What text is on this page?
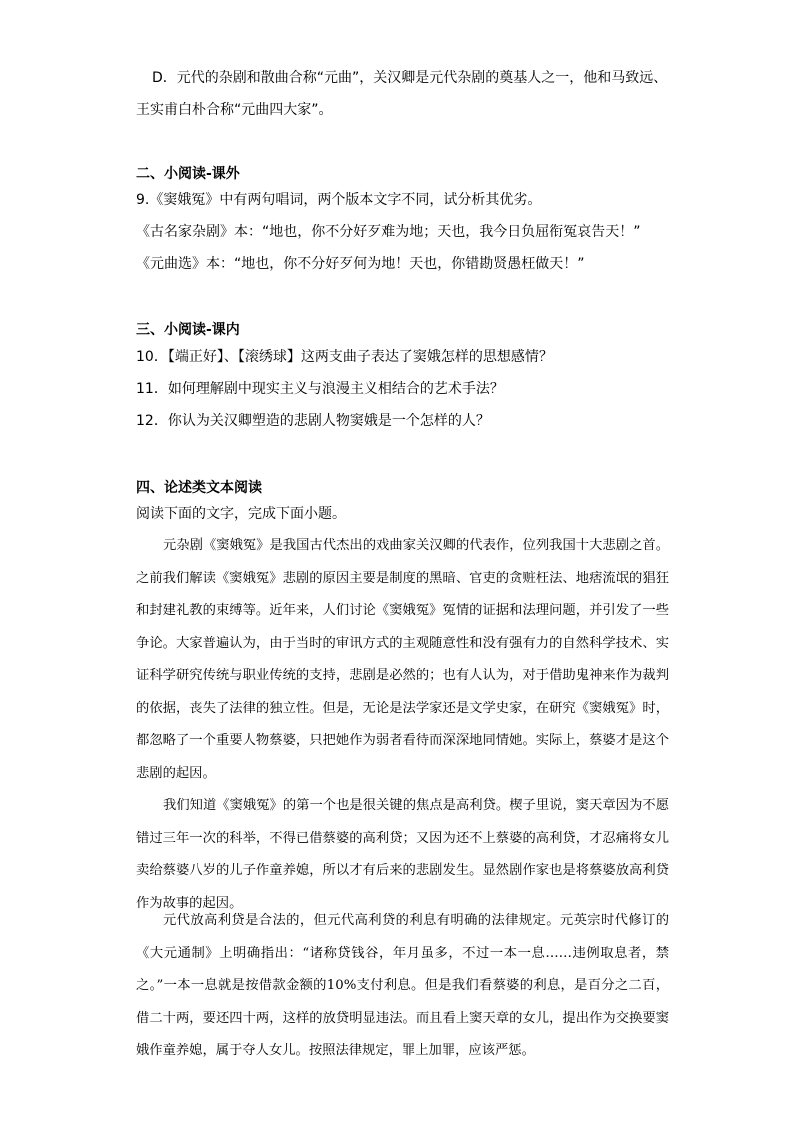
D．元代的杂剧和散曲合称“元曲”，关汉卿是元代杂剧的奠基人之一，他和马致远、
王实甫白朴合称“元曲四大家”。
二、小阅读-课外
9.《窦娥冤》中有两句唱词，两个版本文字不同，试分析其优劣。
《古名家杂剧》本：“地也，你不分好歹难为地；天也，我今日负屈衔冤哀告天！”
《元曲选》本：“地也，你不分好歹何为地！天也，你错勘贤愚枉做天！”
三、小阅读-课内
10．【端正好】、【滚绣球】这两支曲子表达了窦娥怎样的思想感情？
11．如何理解剧中现实主义与浪漫主义相结合的艺术手法？
12．你认为关汉卿塑造的悲剧人物窦娥是一个怎样的人？
四、论述类文本阅读
阅读下面的文字，完成下面小题。

元杂剧《窦娥冤》是我国古代杰出的戏曲家关汉卿的代表作，位列我国十大悲剧之首。之前我们解读《窦娥冤》悲剧的原因主要是制度的黑暗、官吏的贪赃枉法、地痞流氓的猖狂和封建礼教的束缚等。近年来，人们讨论《窦娥冤》冤情的证据和法理问题，并引发了一些争论。大家普遍认为，由于当时的审讯方式的主观随意性和没有强有力的自然科学技术、实证科学研究传统与职业传统的支持，悲剧是必然的；也有人认为，对于借助鬼神来作为裁判的依据，丧失了法律的独立性。但是，无论是法学家还是文学史家，在研究《窦娥冤》时，都忽略了一个重要人物蔡婆，只把她作为弱者看待而深深地同情她。实际上，蔡婆才是这个悲剧的起因。

我们知道《窦娥冤》的第一个也是很关键的焦点是高利贷。楔子里说，窦天章因为不愿错过三年一次的科举，不得已借蔡婆的高利贷；又因为还不上蔡婆的高利贷，才忍痛将女儿卖给蔡婆八岁的儿子作童养媳，所以才有后来的悲剧发生。显然剧作家也是将蔡婆放高利贷作为故事的起因。

元代放高利贷是合法的，但元代高利贷的利息有明确的法律规定。元英宗时代修订的《大元通制》上明确指出：“诸称贷钱谷，年月虽多，不过一本一息……违例取息者，禁之。”一本一息就是按借款金额的10%支付利息。但是我们看蔡婆的利息，是百分之二百，借二十两，要还四十两，这样的放贷明显违法。而且看上窦天章的女儿，提出作为交换要窦娥作童养媳，属于夺人女儿。按照法律规定，罪上加罪，应该严惩。
